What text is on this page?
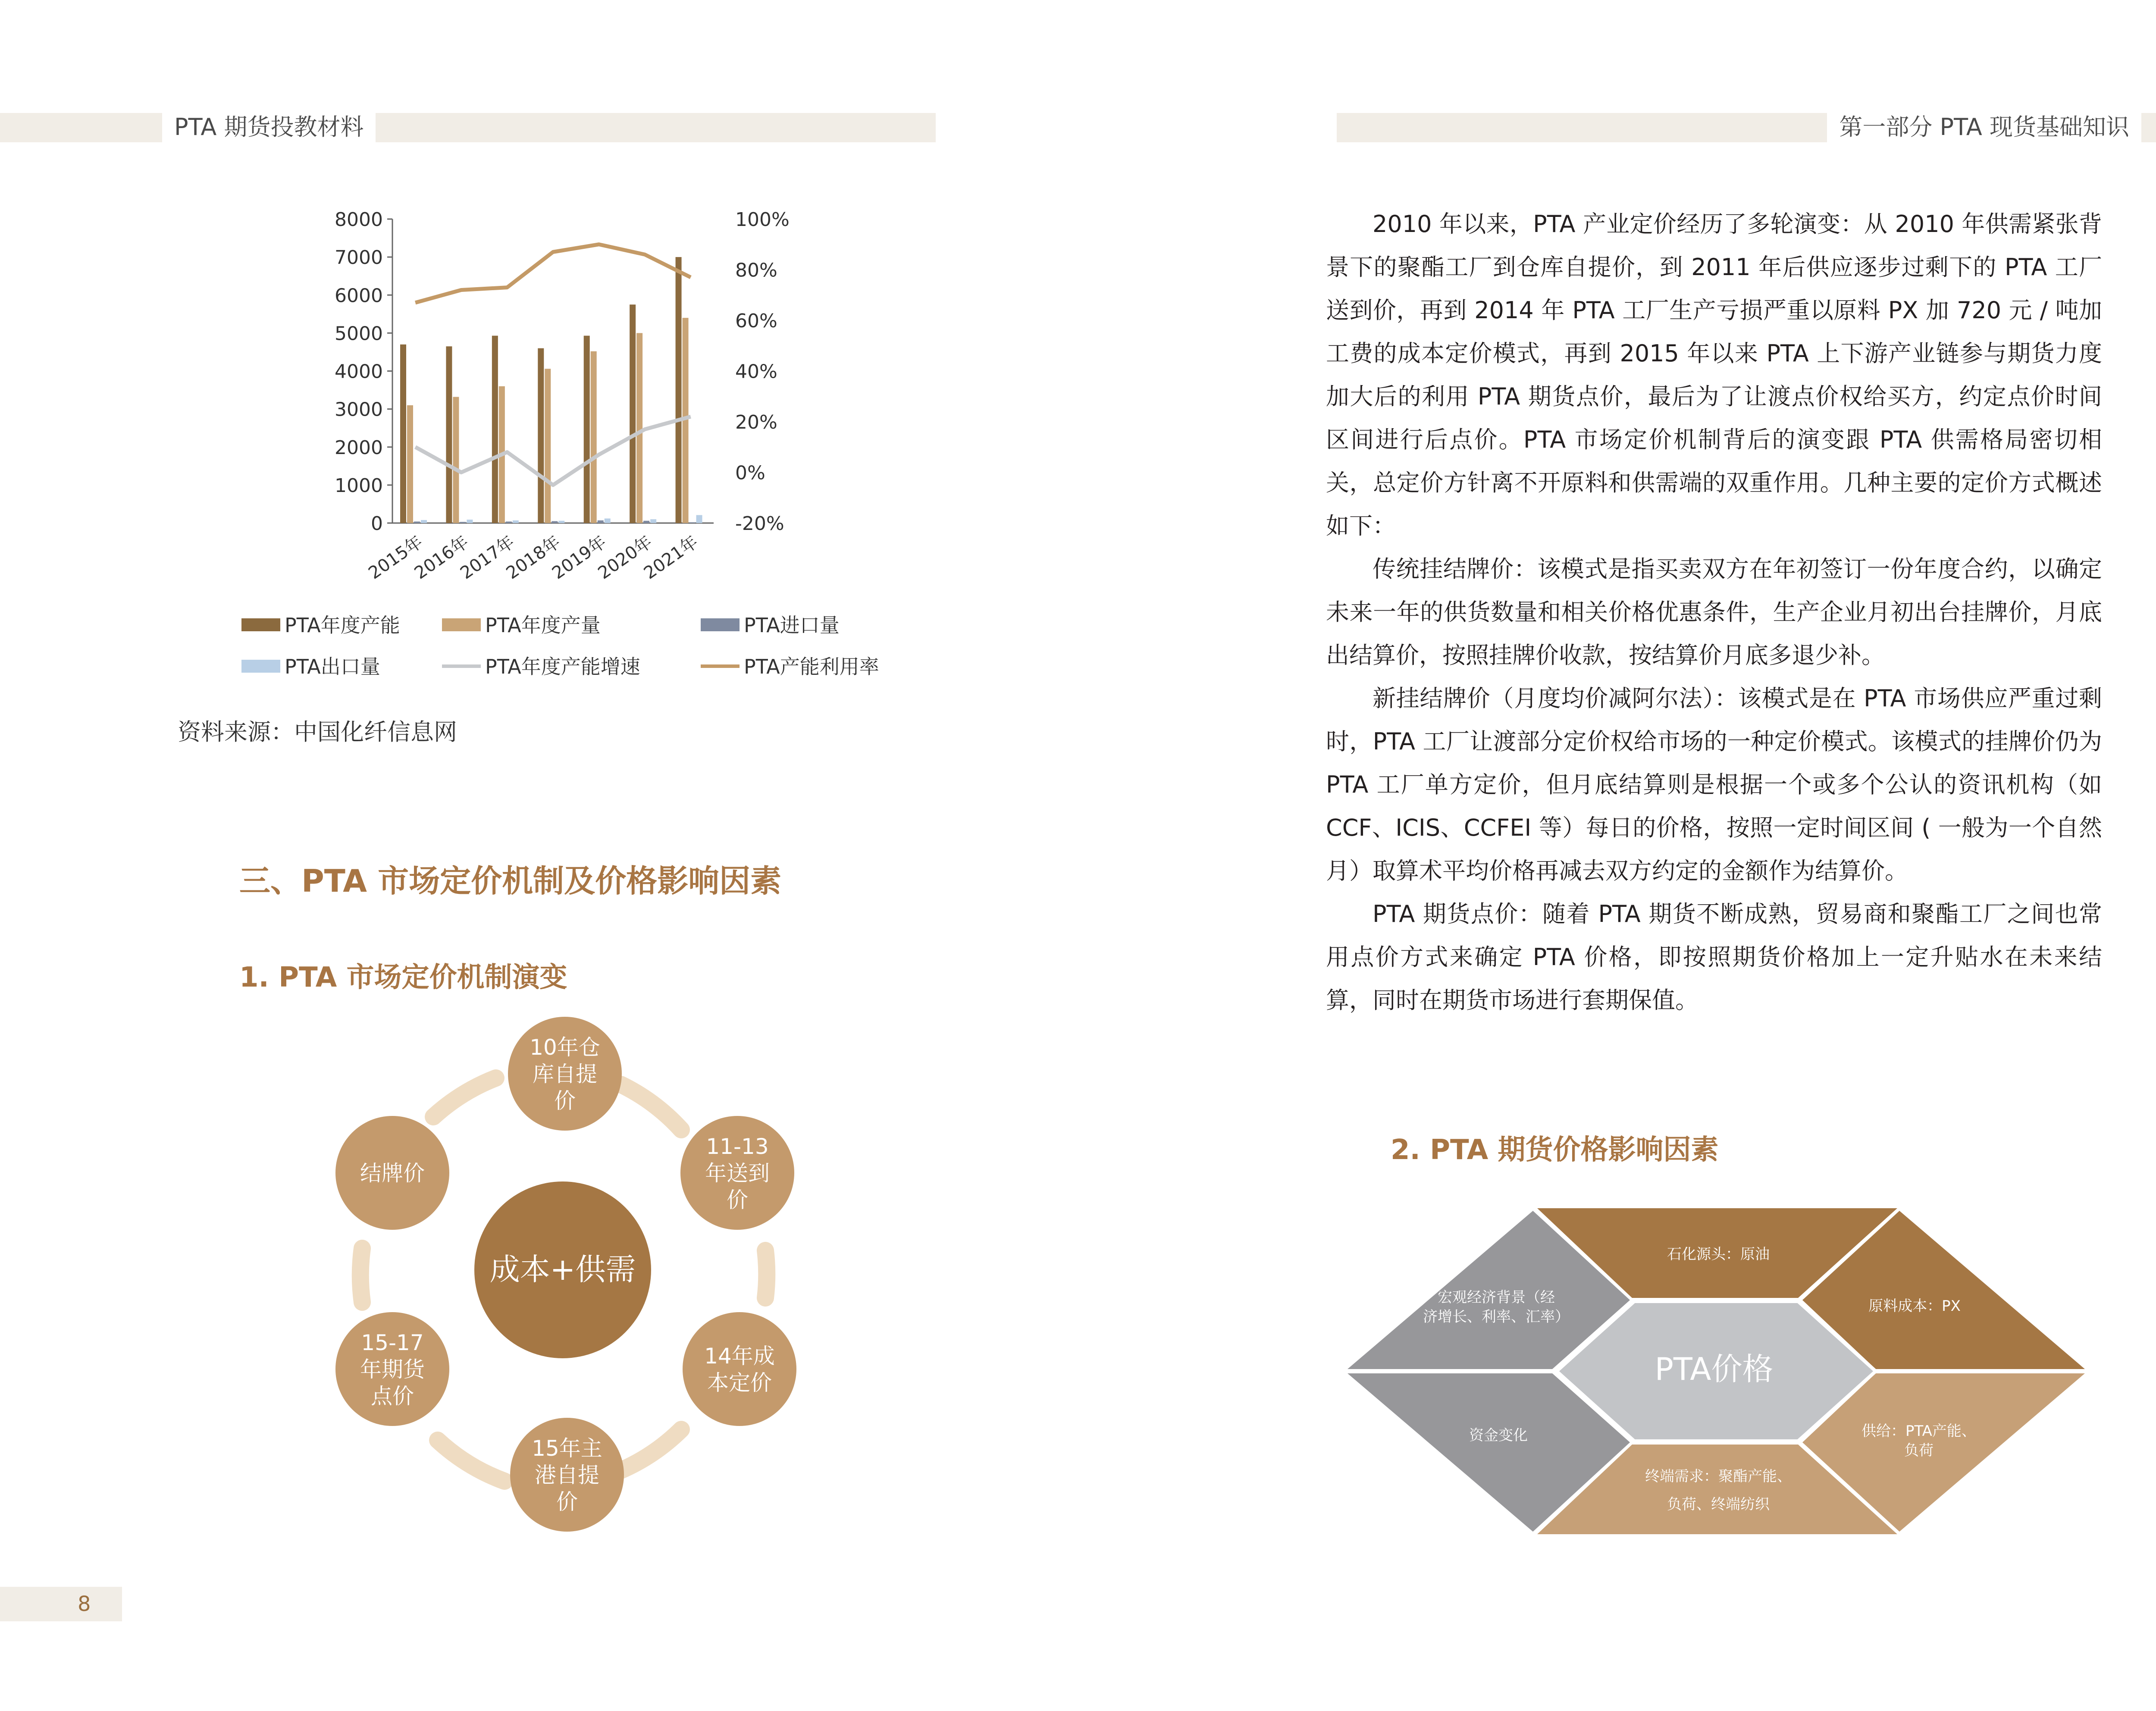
PTA 期货投教材料	第一部分 PTA 现货基础知识
0
1000
2000
3000
4000
5000
6000
7000
8000
-20%
0%
20%
40%
60%
80%
100%
2015年
2016年
2017年
2018年
2019年
2020年
2021年
PTA年度产能	PTA年度产量	PTA进口量
PTA出口量	PTA年度产能增速	PTA产能利用率
资料来源：中国化纤信息网
三、PTA 市场定价机制及价格影响因素
1. PTA 市场定价机制演变
2. PTA 期货价格影响因素
成本+供需
10年仓
库自提
价
11-13
年送到
价
14年成
本定价
15年主
港自提
价
15-17
年期货
点价
结牌价
PTA价格
石化源头：原油
原料成本：PX
供给：PTA产能、
负荷
终端需求：聚酯产能、
负荷、终端纺织
资金变化
宏观经济背景（经
济增长、利率、汇率）

2010 年以来，PTA 产业定价经历了多轮演变：从 2010 年供需紧张背景下的聚酯工厂到仓库自提价，到 2011 年后供应逐步过剩下的 PTA 工厂送到价，再到 2014 年 PTA 工厂生产亏损严重以原料 PX 加 720 元 / 吨加工费的成本定价模式，再到 2015 年以来 PTA 上下游产业链参与期货力度加大后的利用 PTA 期货点价，最后为了让渡点价权给买方，约定点价时间区间进行后点价。PTA 市场定价机制背后的演变跟 PTA 供需格局密切相关，总定价方针离不开原料和供需端的双重作用。几种主要的定价方式概述如下：

传统挂结牌价：该模式是指买卖双方在年初签订一份年度合约，以确定未来一年的供货数量和相关价格优惠条件，生产企业月初出台挂牌价，月底出结算价，按照挂牌价收款，按结算价月底多退少补。

新挂结牌价（月度均价减阿尔法）：该模式是在 PTA 市场供应严重过剩时，PTA 工厂让渡部分定价权给市场的一种定价模式。该模式的挂牌价仍为 PTA 工厂单方定价，但月底结算则是根据一个或多个公认的资讯机构（如 CCF、ICIS、CCFEI 等）每日的价格，按照一定时间区间 ( 一般为一个自然月）取算术平均价格再减去双方约定的金额作为结算价。

PTA 期货点价：随着 PTA 期货不断成熟，贸易商和聚酯工厂之间也常用点价方式来确定 PTA 价格，即按照期货价格加上一定升贴水在未来结算，同时在期货市场进行套期保值。

8
